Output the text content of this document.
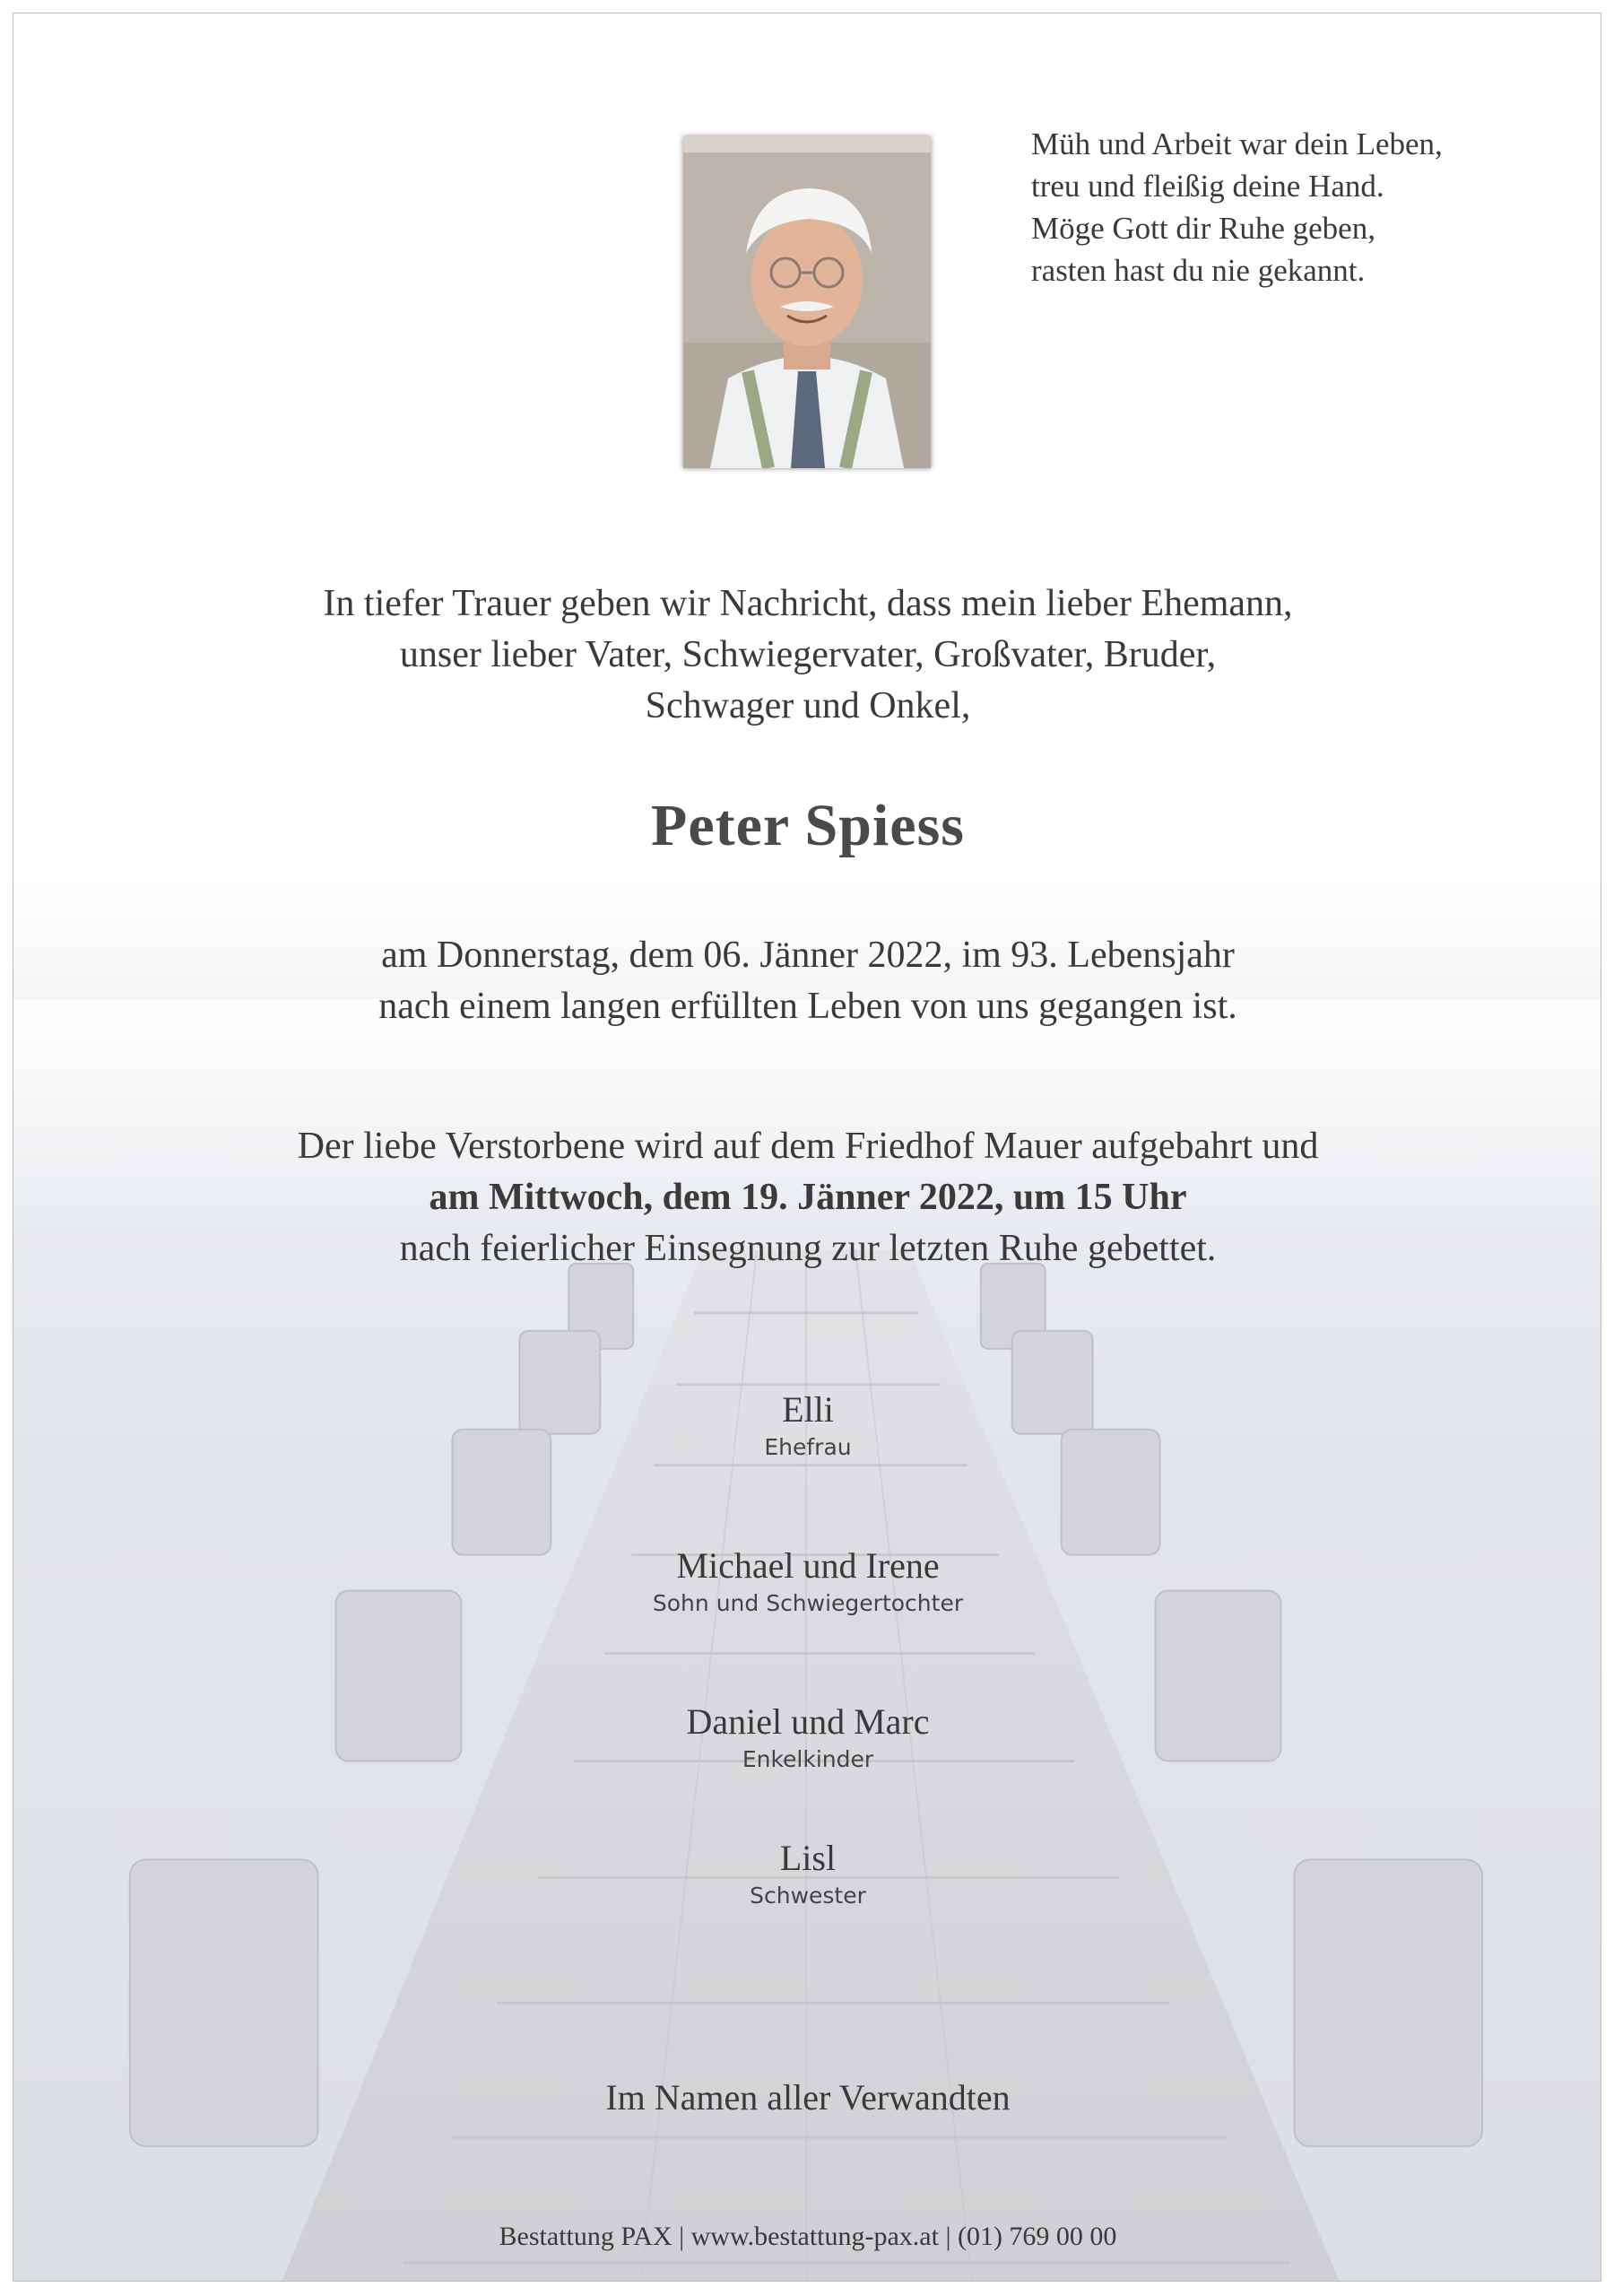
Müh und Arbeit war dein Leben,
treu und fleißig deine Hand.
Möge Gott dir Ruhe geben,
rasten hast du nie gekannt.
In tiefer Trauer geben wir Nachricht, dass mein lieber Ehemann,
unser lieber Vater, Schwiegervater, Großvater, Bruder,
Schwager und Onkel,
Peter Spiess
am Donnerstag, dem 06. Jänner 2022, im 93. Lebensjahr
nach einem langen erfüllten Leben von uns gegangen ist.
Der liebe Verstorbene wird auf dem Friedhof Mauer aufgebahrt und
am Mittwoch, dem 19. Jänner 2022, um 15 Uhr
nach feierlicher Einsegnung zur letzten Ruhe gebettet.
Elli
Ehefrau
Michael und Irene
Sohn und Schwiegertochter
Daniel und Marc
Enkelkinder
Lisl
Schwester
Im Namen aller Verwandten
Bestattung PAX | www.bestattung-pax.at | (01) 769 00 00
